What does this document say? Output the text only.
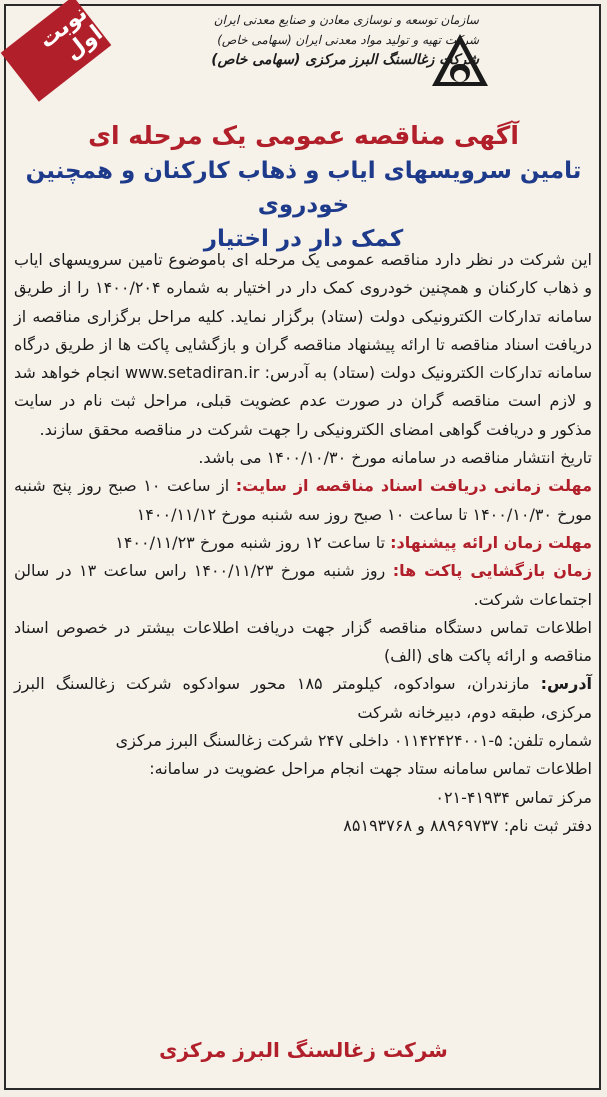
نوبت اول
سازمان توسعه و نوسازی معادن و صنایع معدنی ایران
شرکت تهیه و تولید مواد معدنی ایران (سهامی خاص)
شرکت زغالسنگ البرز مرکزی (سهامی خاص)
آگهی مناقصه عمومی یک مرحله ای
تامین سرویسهای ایاب و ذهاب کارکنان و همچنین خودروی
کمک دار در اختیار

این شرکت در نظر دارد مناقصه عمومی یک مرحله ای باموضوع تامین سرویسهای ایاب و ذهاب کارکنان و همچنین خودروی کمک دار در اختیار به شماره ۱۴۰۰/۲۰۴ را از طریق سامانه تدارکات الکترونیکی دولت (ستاد) برگزار نماید. کلیه مراحل برگزاری مناقصه از دریافت اسناد مناقصه تا ارائه پیشنهاد مناقصه گران و بازگشایی پاکت ها از طریق درگاه سامانه تدارکات الکترونیک دولت (ستاد) به آدرس: www.setadiran.ir انجام خواهد شد و لازم است مناقصه گران در صورت عدم عضویت قبلی، مراحل ثبت نام در سایت مذکور و دریافت گواهی امضای الکترونیکی را جهت شرکت در مناقصه محقق سازند.

تاریخ انتشار مناقصه در سامانه مورخ ۱۴۰۰/۱۰/۳۰ می باشد.

مهلت زمانی دریافت اسناد مناقصه از سایت: از ساعت ۱۰ صبح روز پنج شنبه مورخ ۱۴۰۰/۱۰/۳۰ تا ساعت ۱۰ صبح روز سه شنبه مورخ ۱۴۰۰/۱۱/۱۲

مهلت زمان ارائه پیشنهاد: تا ساعت ۱۲ روز شنبه مورخ ۱۴۰۰/۱۱/۲۳

زمان بازگشایی پاکت ها: روز شنبه مورخ ۱۴۰۰/۱۱/۲۳ راس ساعت ۱۳ در سالن اجتماعات شرکت.

اطلاعات تماس دستگاه مناقصه گزار جهت دریافت اطلاعات بیشتر در خصوص اسناد مناقصه و ارائه پاکت های (الف)

آدرس: مازندران، سوادکوه، کیلومتر ۱۸۵ محور سوادکوه شرکت زغالسنگ البرز مرکزی، طبقه دوم، دبیرخانه شرکت

شماره تلفن: ۵-۰۱۱۴۲۴۲۴۰۰۱ داخلی ۲۴۷ شرکت زغالسنگ البرز مرکزی

اطلاعات تماس سامانه ستاد جهت انجام مراحل عضویت در سامانه:

مرکز تماس ۴۱۹۳۴-۰۲۱

دفتر ثبت نام: ۸۸۹۶۹۷۳۷ و ۸۵۱۹۳۷۶۸

شرکت زغالسنگ البرز مرکزی
